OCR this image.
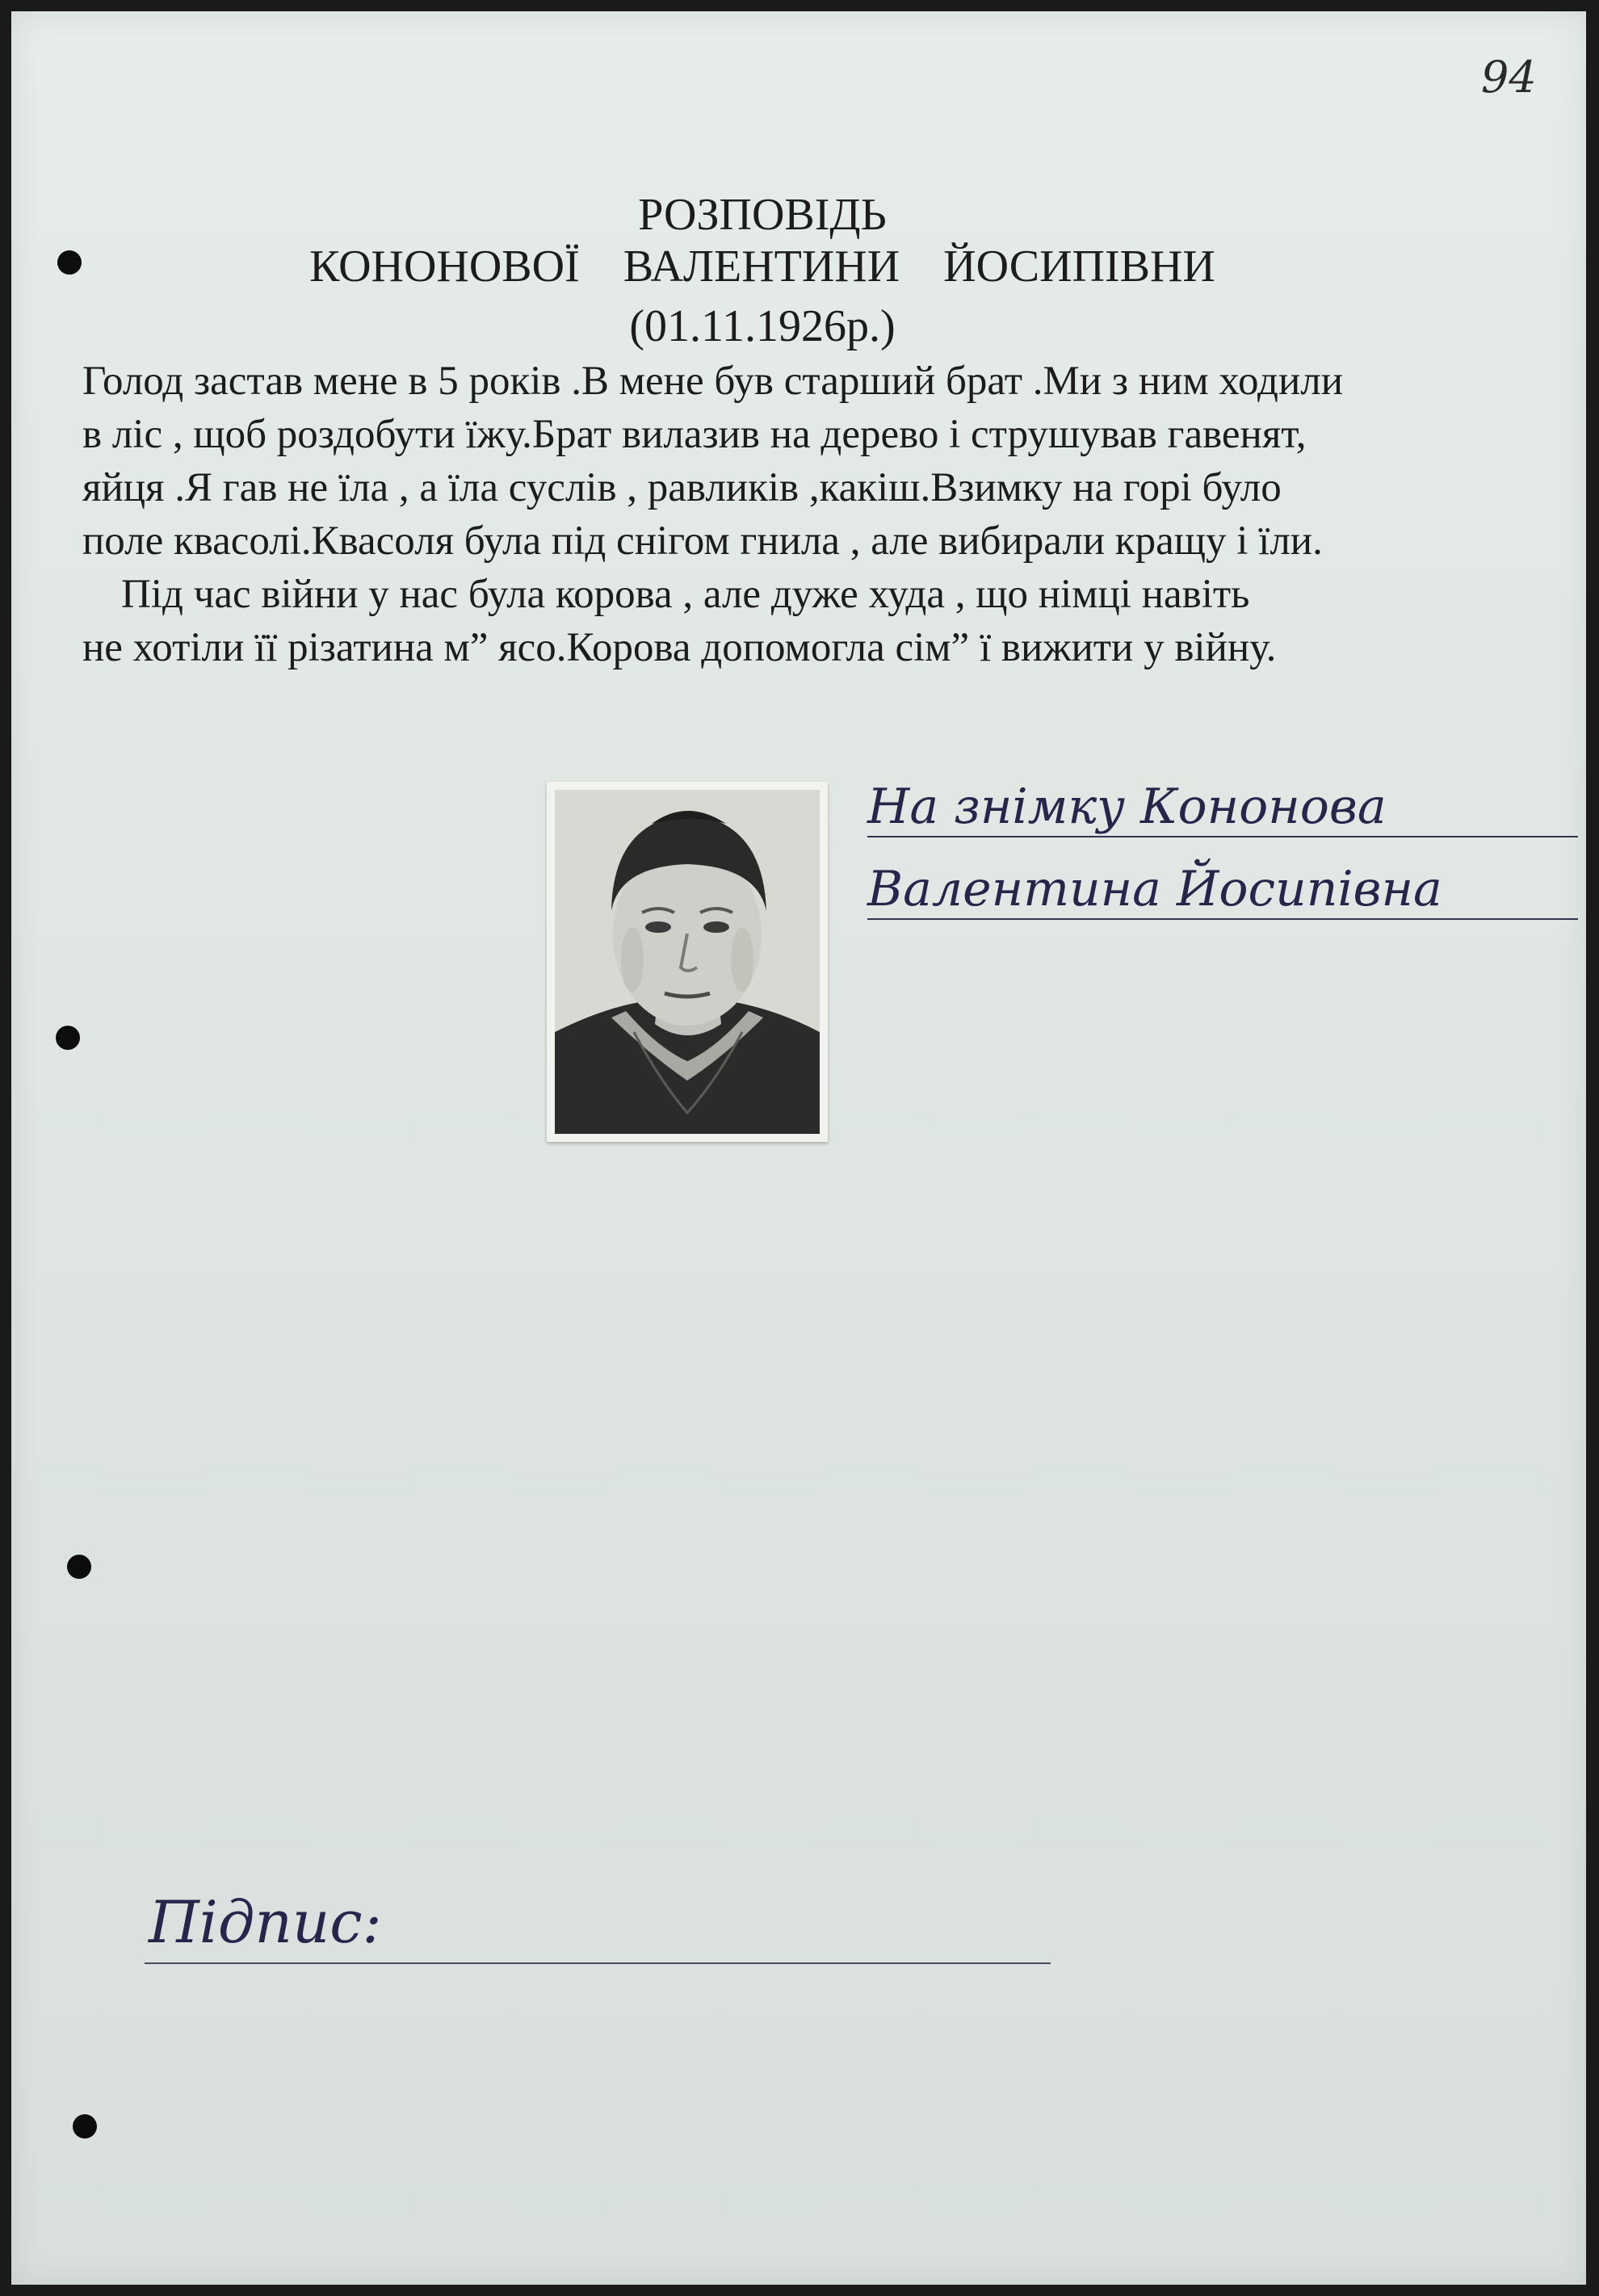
94
РОЗПОВІДЬ
КОНОНОВОЇ ВАЛЕНТИНИ ЙОСИПІВНИ
(01.11.1926р.)
Голод застав мене в 5 років .В мене був старший брат .Ми з ним ходили
в ліс , щоб роздобути їжу.Брат вилазив на дерево і струшував гавенят,
яйця .Я гав не їла , а їла суслів , равликів ,какіш.Взимку на горі було
поле квасолі.Квасоля була під снігом гнила , але вибирали кращу і їли.
Під час війни у нас була корова , але дуже худа , що німці навіть
не хотіли її різатина м” ясо.Корова допомогла сім” ї вижити у війну.
На знімку Кононова
Валентина Йосипівна
Підпис:
